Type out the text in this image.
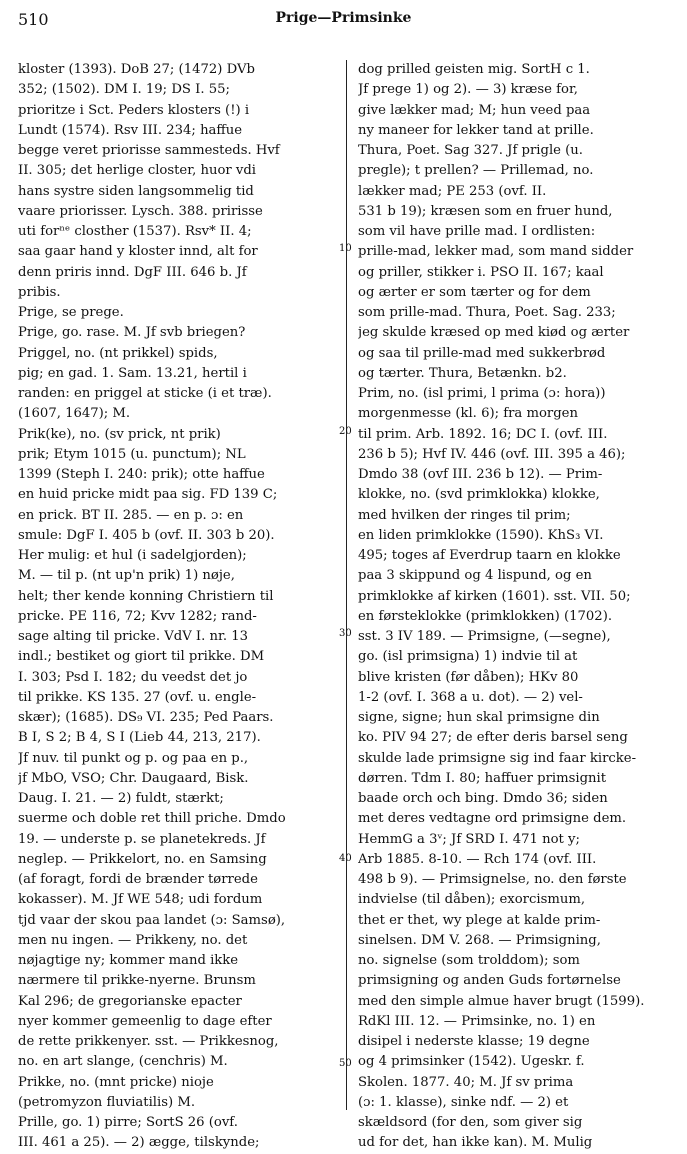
510	Prige—Primsinke
kloster (1393). DoB 27; (1472) DVb
352; (1502). DM I. 19; DS I. 55;
prioritze i Sct. Peders klosters (!) i
Lundt (1574). Rsv III. 234; haffue
begge veret priorisse sammesteds. Hvf
II. 305; det herlige closter, huor vdi
hans systre siden langsommelig tid
vaare priorisser. Lysch. 388. pririsse
uti forⁿᵉ closther (1537). Rsv* II. 4;
saa gaar hand y kloster innd, alt for
denn priris innd. DgF III. 646 b. Jf
pribis.
Prige, se prege.
Prige, go. rase. M. Jf svb briegen?
Priggel, no. (nt prikkel) spids,
pig; en gad. 1. Sam. 13.21, hertil i
randen: en priggel at sticke (i et træ).
(1607, 1647); M.
Prik(ke), no. (sv prick, nt prik)
prik; Etym 1015 (u. punctum); NL
1399 (Steph I. 240: prik); otte haffue
en huid pricke midt paa sig. FD 139 C;
en prick. BT II. 285. — en p. ɔ: en
smule: DgF I. 405 b (ovf. II. 303 b 20).
Her mulig: et hul (i sadelgjorden);
M. — til p. (nt up'n prik) 1) nøje,
helt; ther kende konning Christiern til
pricke. PE 116, 72; Kvv 1282; rand-
sage alting til pricke. VdV I. nr. 13
indl.; bestiket og giort til prikke. DM
I. 303; Psd I. 182; du veedst det jo
til prikke. KS 135. 27 (ovf. u. engle-
skær); (1685). DS₉ VI. 235; Ped Paars.
B I, S 2; B 4, S I (Lieb 44, 213, 217).
Jf nuv. til punkt og p. og paa en p.,
jf MbO, VSO; Chr. Daugaard, Bisk.
Daug. I. 21. — 2) fuldt, stærkt;
suerme och doble ret thill priche. Dmdo
19. — underste p. se planetekreds. Jf
neglep. — Prikkelort, no. en Samsing
(af foragt, fordi de brænder tørrede
kokasser). M. Jf WE 548; udi fordum
tjd vaar der skou paa landet (ɔ: Samsø),
men nu ingen. — Prikkeny, no. det
nøjagtige ny; kommer mand ikke
nærmere til prikke-nyerne. Brunsm
Kal 296; de gregorianske epacter
nyer kommer gemeenlig to dage efter
de rette prikkenyer. sst. — Prikkesnog,
no. en art slange, (cenchris) M.
Prikke, no. (mnt pricke) nioje
(petromyzon fluviatilis) M.
Prille, go. 1) pirre; SortS 26 (ovf.
III. 461 a 25). — 2) ægge, tilskynde;
dog prilled geisten mig. SortH c 1.
Jf prege 1) og 2). — 3) kræse for,
give lækker mad; M; hun veed paa
ny maneer for lekker tand at prille.
Thura, Poet. Sag 327. Jf prigle (u.
pregle); t prellen? — Prillemad, no.
lækker mad; PE 253 (ovf. II.
531 b 19); kræsen som en fruer hund,
som vil have prille mad. I ordlisten:
prille-mad, lekker mad, som mand sidder
og priller, stikker i. PSO II. 167; kaal
og ærter er som tærter og for dem
som prille-mad. Thura, Poet. Sag. 233;
jeg skulde kræsed op med kiød og ærter
og saa til prille-mad med sukkerbrød
og tærter. Thura, Betænkn. b2.
Prim, no. (isl primi, l prima (ɔ: hora))
morgenmesse (kl. 6); fra morgen
til prim. Arb. 1892. 16; DC I. (ovf. III.
236 b 5); Hvf IV. 446 (ovf. III. 395 a 46);
Dmdo 38 (ovf III. 236 b 12). — Prim-
klokke, no. (svd primklokka) klokke,
med hvilken der ringes til prim;
en liden primklokke (1590). KhS₃ VI.
495; toges af Everdrup taarn en klokke
paa 3 skippund og 4 lispund, og en
primklokke af kirken (1601). sst. VII. 50;
en førsteklokke (primklokken) (1702).
sst. 3 IV 189. — Primsigne, (—segne),
go. (isl primsigna) 1) indvie til at
blive kristen (før dåben); HKv 80
1-2 (ovf. I. 368 a u. dot). — 2) vel-
signe, signe; hun skal primsigne din
ko. PIV 94 27; de efter deris barsel seng
skulde lade primsigne sig ind faar kircke-
dørren. Tdm I. 80; haffuer primsignit
baade orch och bing. Dmdo 36; siden
met deres vedtagne ord primsigne dem.
HemmG a 3ᵛ; Jf SRD I. 471 not y;
Arb 1885. 8-10. — Rch 174 (ovf. III.
498 b 9). — Primsignelse, no. den første
indvielse (til dåben); exorcismum,
thet er thet, wy plege at kalde prim-
sinelsen. DM V. 268. — Primsigning,
no. signelse (som trolddom); som
primsigning og anden Guds fortørnelse
med den simple almue haver brugt (1599).
RdKl III. 12. — Primsinke, no. 1) en
disipel i nederste klasse; 19 degne
og 4 primsinker (1542). Ugeskr. f.
Skolen. 1877. 40; M. Jf sv prima
(ɔ: 1. klasse), sinke ndf. — 2) et
skældsord (for den, som giver sig
ud for det, han ikke kan). M. Mulig
10
20
30
40
50
